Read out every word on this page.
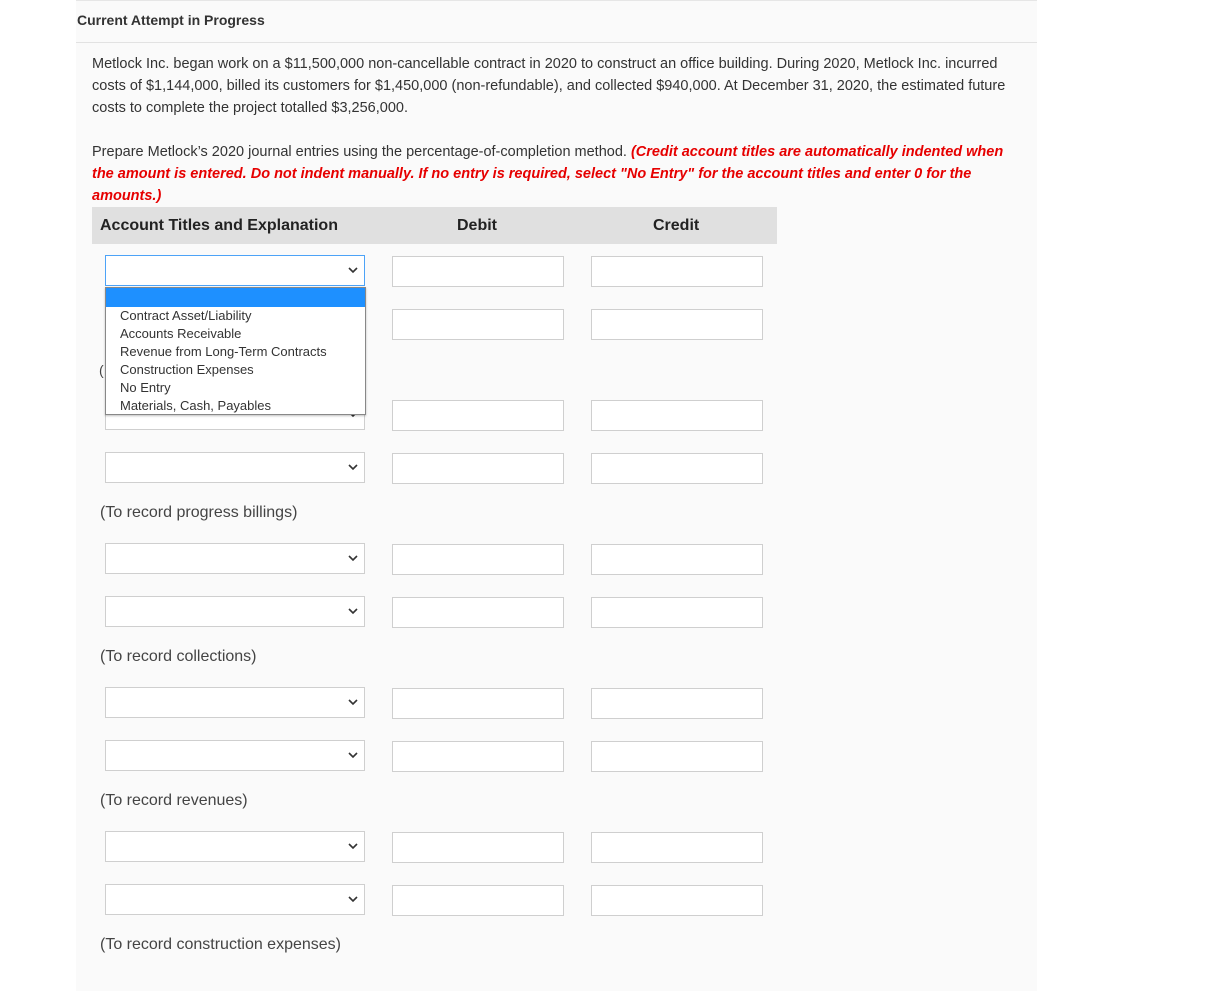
Current Attempt in Progress
Metlock Inc. began work on a $11,500,000 non-cancellable contract in 2020 to construct an office building. During 2020, Metlock Inc. incurred costs of $1,144,000, billed its customers for $1,450,000 (non-refundable), and collected $940,000. At December 31, 2020, the estimated future costs to complete the project totalled $3,256,000.
Prepare Metlock’s 2020 journal entries using the percentage-of-completion method. (Credit account titles are automatically indented when the amount is entered. Do not indent manually. If no entry is required, select "No Entry" for the account titles and enter 0 for the amounts.)
Account Titles and Explanation	Debit	Credit
(To record progress billings)
(To record collections)
(To record revenues)
(To record construction expenses)
(
Contract Asset/Liability
Accounts Receivable
Revenue from Long-Term Contracts
Construction Expenses
No Entry
Materials, Cash, Payables
